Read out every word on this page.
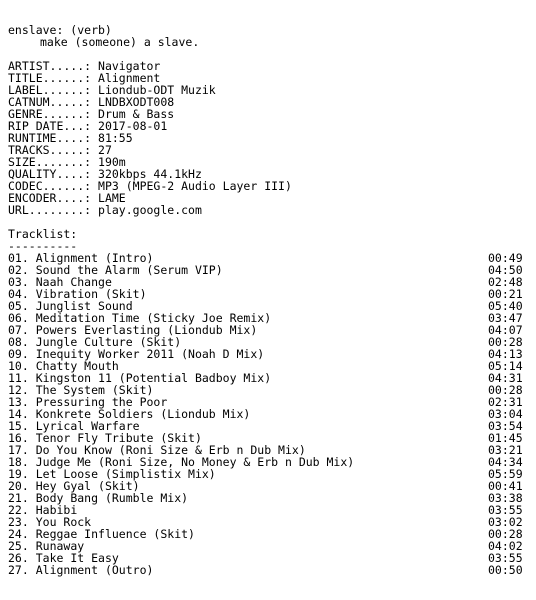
enslave: (verb)
make (someone) a slave.
ARTIST.....: Navigator
TITLE......: Alignment
LABEL......: Liondub-ODT Muzik
CATNUM.....: LNDBXODT008
GENRE......: Drum & Bass
RIP DATE...: 2017-08-01
RUNTIME....: 81:55
TRACKS.....: 27
SIZE.......: 190m
QUALITY....: 320kbps 44.1kHz
CODEC......: MP3 (MPEG-2 Audio Layer III)
ENCODER....: LAME
URL........: play.google.com
Tracklist:
----------
01. Alignment (Intro)	00:49
02. Sound the Alarm (Serum VIP)	04:50
03. Naah Change	02:48
04. Vibration (Skit)	00:21
05. Junglist Sound	05:40
06. Meditation Time (Sticky Joe Remix)	03:47
07. Powers Everlasting (Liondub Mix)	04:07
08. Jungle Culture (Skit)	00:28
09. Inequity Worker 2011 (Noah D Mix)	04:13
10. Chatty Mouth	05:14
11. Kingston 11 (Potential Badboy Mix)	04:31
12. The System (Skit)	00:28
13. Pressuring the Poor	02:31
14. Konkrete Soldiers (Liondub Mix)	03:04
15. Lyrical Warfare	03:54
16. Tenor Fly Tribute (Skit)	01:45
17. Do You Know (Roni Size & Erb n Dub Mix)	03:21
18. Judge Me (Roni Size, No Money & Erb n Dub Mix)	04:34
19. Let Loose (Simplistix Mix)	05:59
20. Hey Gyal (Skit)	00:41
21. Body Bang (Rumble Mix)	03:38
22. Habibi	03:55
23. You Rock	03:02
24. Reggae Influence (Skit)	00:28
25. Runaway	04:02
26. Take It Easy	03:55
27. Alignment (Outro)	00:50
